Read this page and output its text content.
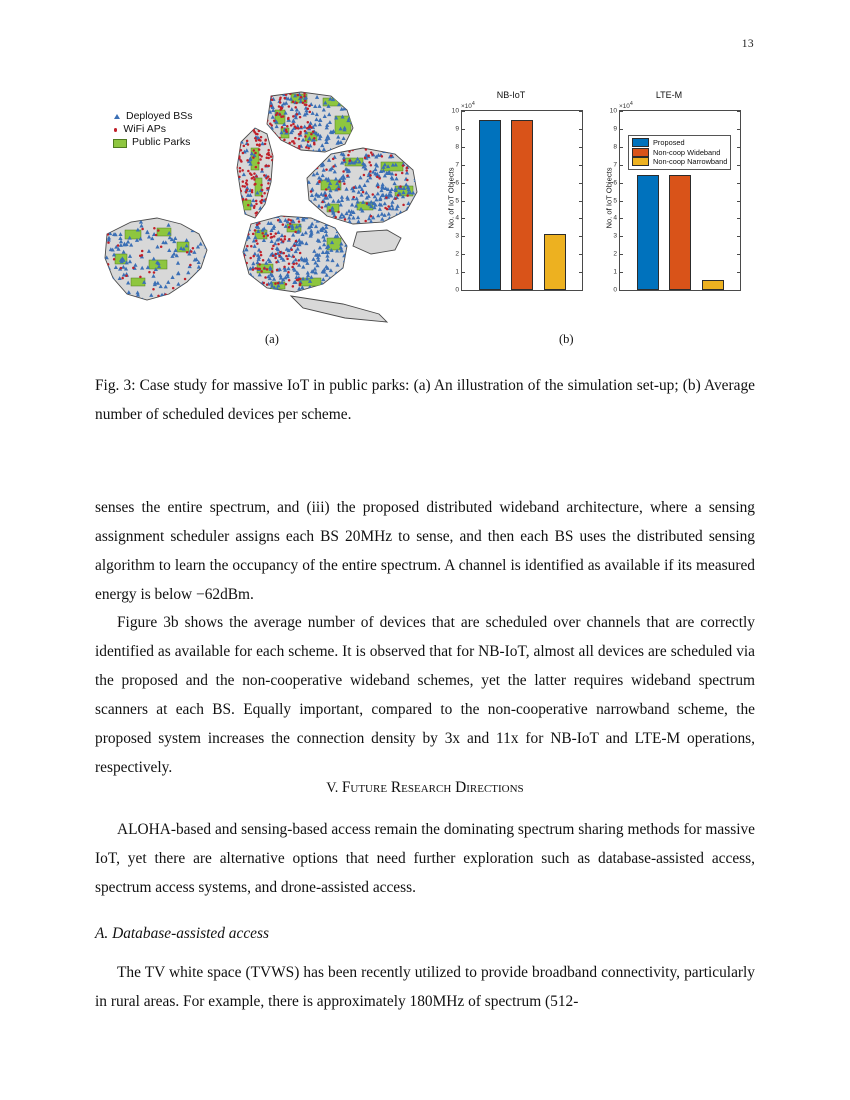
13
Deployed BSs
WiFi APs
Public Parks
NB-IoT
$\times 10^4$
No. of IoT Objects
0
1
2
3
4
5
6
7
8
9
10
LTE-M
$\times 10^4$
No. of IoT Objects
0
1
2
3
4
5
6
7
8
9
10
Proposed
Non-coop Wideband
Non-coop Narrowband
(a)	(b)
Fig. 3: Case study for massive IoT in public parks: (a) An illustration of the simulation set-up; (b) Average number of scheduled devices per scheme.
senses the entire spectrum, and (iii) the proposed distributed wideband architecture, where a sensing assignment scheduler assigns each BS 20MHz to sense, and then each BS uses the distributed sensing algorithm to learn the occupancy of the entire spectrum. A channel is identified as available if its measured energy is below −62dBm.
Figure 3b shows the average number of devices that are scheduled over channels that are correctly identified as available for each scheme. It is observed that for NB-IoT, almost all devices are scheduled via the proposed and the non-cooperative wideband schemes, yet the latter requires wideband spectrum scanners at each BS. Equally important, compared to the non-cooperative narrowband scheme, the proposed system increases the connection density by 3x and 11x for NB-IoT and LTE-M operations, respectively.
V. Future Research Directions
ALOHA-based and sensing-based access remain the dominating spectrum sharing methods for massive IoT, yet there are alternative options that need further exploration such as database-assisted access, spectrum access systems, and drone-assisted access.
A. Database-assisted access
The TV white space (TVWS) has been recently utilized to provide broadband connectivity, particularly in rural areas. For example, there is approximately 180MHz of spectrum (512-
